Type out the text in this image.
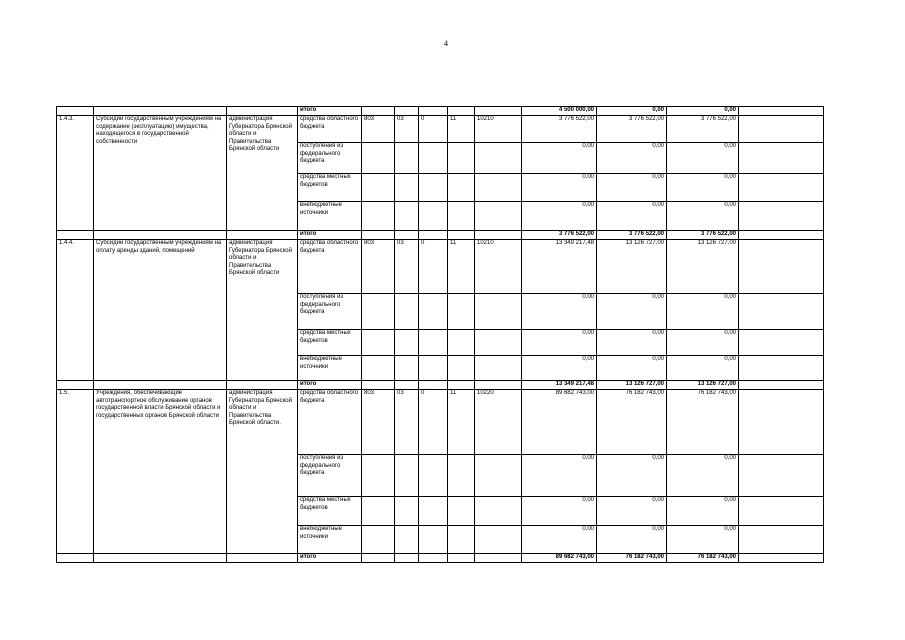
4
			итого						4 500 000,00	0,00	0,00	
1.4.3.	Субсидии государственным учреждениям на содержание (эксплуатацию) имущества, находящегося в государственной собственности	администрация Губернатора Брянской области и Правительства Брянской области	средства областного бюджета	803	03	0	11	10210	3 776 522,00	3 776 522,00	3 776 522,00	
			поступления из федерального бюджета						0,00	0,00	0,00	
			средства местных бюджетов						0,00	0,00	0,00	
			внебюджетные источники						0,00	0,00	0,00	
			итого						3 776 522,00	3 776 522,00	3 776 522,00	
1.4.4.	Субсидии государственным учреждениям на оплату аренды зданий, помещений	администрация Губернатора Брянской области и Правительства Брянской области	средства областного бюджета	803	03	0	11	10210	13 349 217,48	13 126 727,00	13 126 727,00	
			поступления из федерального бюджета						0,00	0,00	0,00	
			средства местных бюджетов						0,00	0,00	0,00	
			внебюджетные источники						0,00	0,00	0,00	
			итого						13 349 217,48	13 126 727,00	13 126 727,00	
1.5.	Учреждения, обеспечивающие автотранспортное обслуживание органов государственной власти Брянской области и государственных органов Брянской области	администрация Губернатора Брянской области и Правительства Брянской области.	средства областного бюджета	803	03	0	11	10220	89 682 743,00	76 182 743,00	76 182 743,00	
			поступления из федерального бюджета						0,00	0,00	0,00	
			средства местных бюджетов						0,00	0,00	0,00	
			внебюджетные источники						0,00	0,00	0,00	
			итого						89 682 743,00	76 182 743,00	76 182 743,00	
